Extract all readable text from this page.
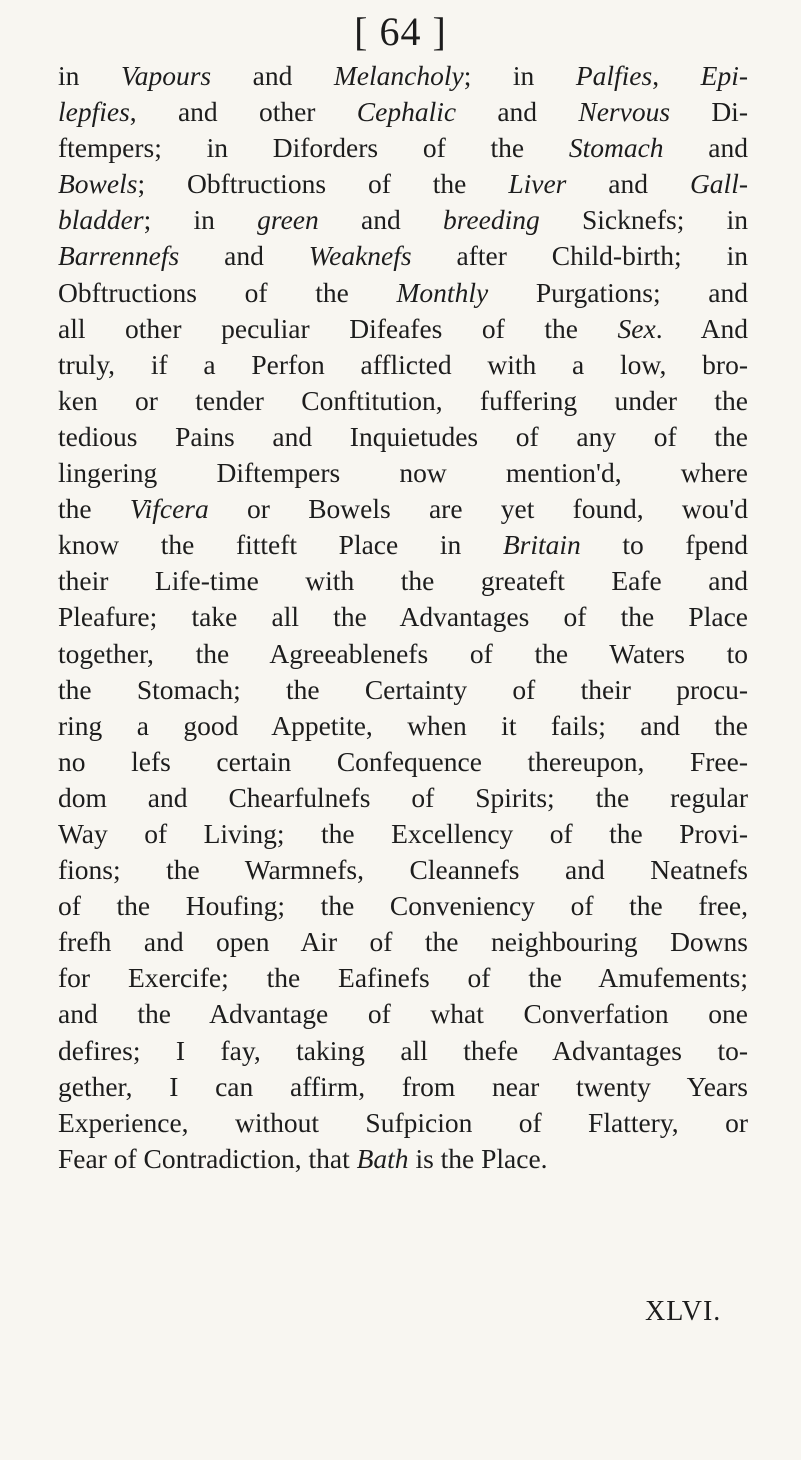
[ 64 ]
in Vapours and Melancholy; in Palfies, Epi-
lepfies, and other Cephalic and Nervous Di-
ftempers; in Diforders of the Stomach and
Bowels; Obftructions of the Liver and Gall-
bladder; in green and breeding Sicknefs; in
Barrennefs and Weaknefs after Child-birth; in
Obftructions of the Monthly Purgations; and
all other peculiar Difeafes of the Sex. And
truly, if a Perfon afflicted with a low, bro-
ken or tender Conftitution, fuffering under the
tedious Pains and Inquietudes of any of the
lingering Diftempers now mention'd, where
the Vifcera or Bowels are yet found, wou'd
know the fitteft Place in Britain to fpend
their Life-time with the greateft Eafe and
Pleafure; take all the Advantages of the Place
together, the Agreeablenefs of the Waters to
the Stomach; the Certainty of their procu-
ring a good Appetite, when it fails; and the
no lefs certain Confequence thereupon, Free-
dom and Chearfulnefs of Spirits; the regular
Way of Living; the Excellency of the Provi-
fions; the Warmnefs, Cleannefs and Neatnefs
of the Houfing; the Conveniency of the free,
frefh and open Air of the neighbouring Downs
for Exercife; the Eafinefs of the Amufements;
and the Advantage of what Converfation one
defires; I fay, taking all thefe Advantages to-
gether, I can affirm, from near twenty Years
Experience, without Sufpicion of Flattery, or
Fear of Contradiction, that Bath is the Place.
XLVI.
